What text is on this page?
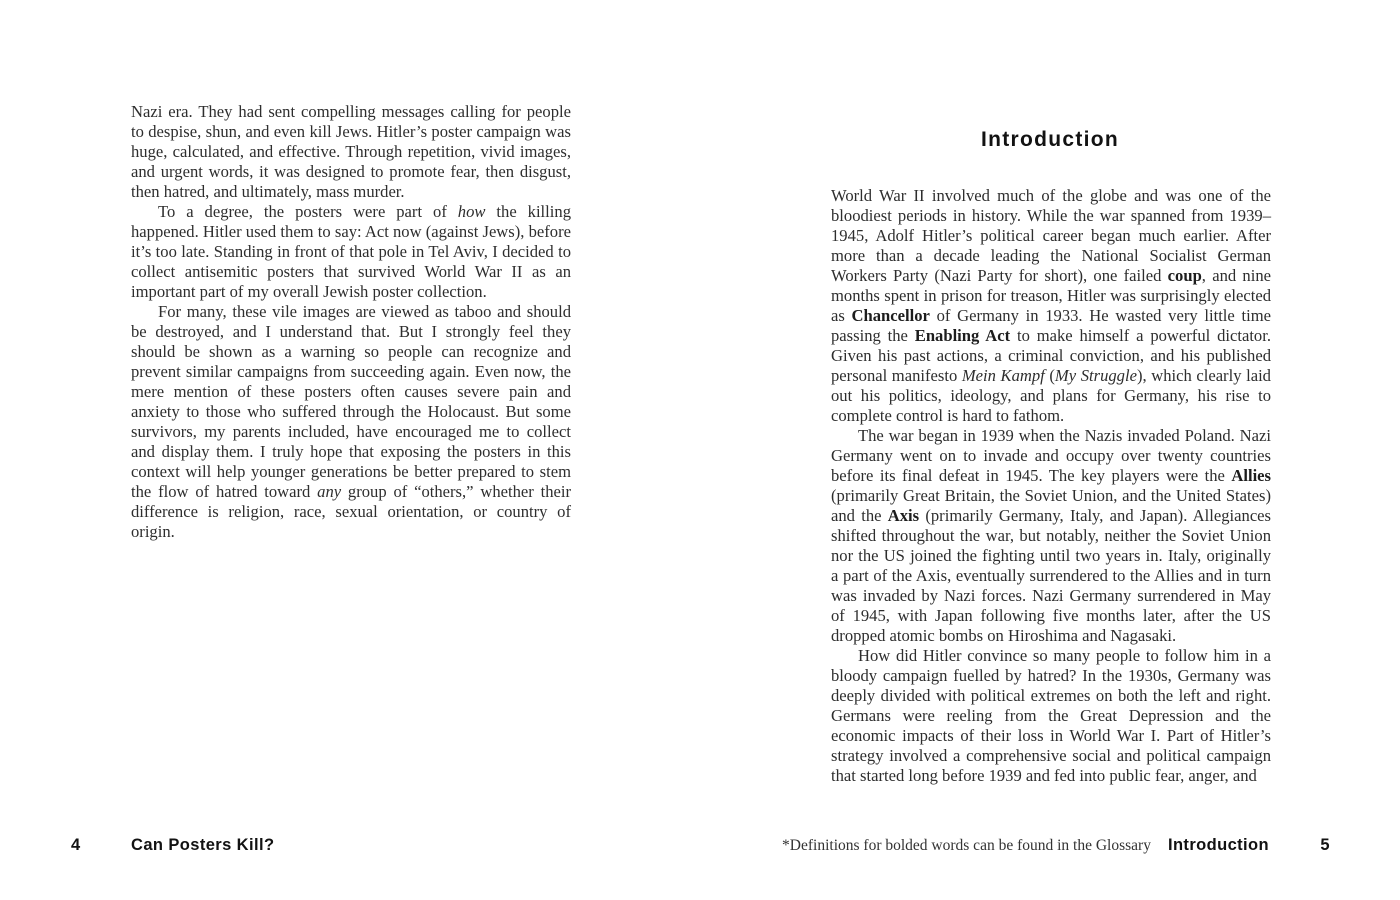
Nazi era. They had sent compelling messages calling for people to despise, shun, and even kill Jews. Hitler’s poster campaign was huge, calculated, and effective. Through repetition, vivid images, and urgent words, it was designed to promote fear, then disgust, then hatred, and ultimately, mass murder.

To a degree, the posters were part of how the killing happened. Hitler used them to say: Act now (against Jews), before it’s too late. Standing in front of that pole in Tel Aviv, I decided to collect antisemitic posters that survived World War II as an important part of my overall Jewish poster collection.

For many, these vile images are viewed as taboo and should be destroyed, and I understand that. But I strongly feel they should be shown as a warning so people can recognize and prevent similar campaigns from succeeding again. Even now, the mere mention of these posters often causes severe pain and anxiety to those who suffered through the Holocaust. But some survivors, my parents included, have encouraged me to collect and display them. I truly hope that exposing the posters in this context will help younger generations be better prepared to stem the flow of hatred toward any group of “others,” whether their difference is religion, race, sexual orientation, or country of origin.

4	Can Posters Kill?
Introduction

World War II involved much of the globe and was one of the bloodiest periods in history. While the war spanned from 1939–1945, Adolf Hitler’s political career began much earlier. After more than a decade leading the National Socialist German Workers Party (Nazi Party for short), one failed coup, and nine months spent in prison for treason, Hitler was surprisingly elected as Chancellor of Germany in 1933. He wasted very little time passing the Enabling Act to make himself a powerful dictator. Given his past actions, a criminal conviction, and his published personal manifesto Mein Kampf (My Struggle), which clearly laid out his politics, ideology, and plans for Germany, his rise to complete control is hard to fathom.

The war began in 1939 when the Nazis invaded Poland. Nazi Germany went on to invade and occupy over twenty countries before its final defeat in 1945. The key players were the Allies (primarily Great Britain, the Soviet Union, and the United States) and the Axis (primarily Germany, Italy, and Japan). Allegiances shifted throughout the war, but notably, neither the Soviet Union nor the US joined the fighting until two years in. Italy, originally a part of the Axis, eventually surrendered to the Allies and in turn was invaded by Nazi forces. Nazi Germany surrendered in May of 1945, with Japan following five months later, after the US dropped atomic bombs on Hiroshima and Nagasaki.

How did Hitler convince so many people to follow him in a bloody campaign fuelled by hatred? In the 1930s, Germany was deeply divided with political extremes on both the left and right. Germans were reeling from the Great Depression and the economic impacts of their loss in World War I. Part of Hitler’s strategy involved a comprehensive social and political campaign that started long before 1939 and fed into public fear, anger, and

*Definitions for bolded words can be found in the Glossary Introduction	5
